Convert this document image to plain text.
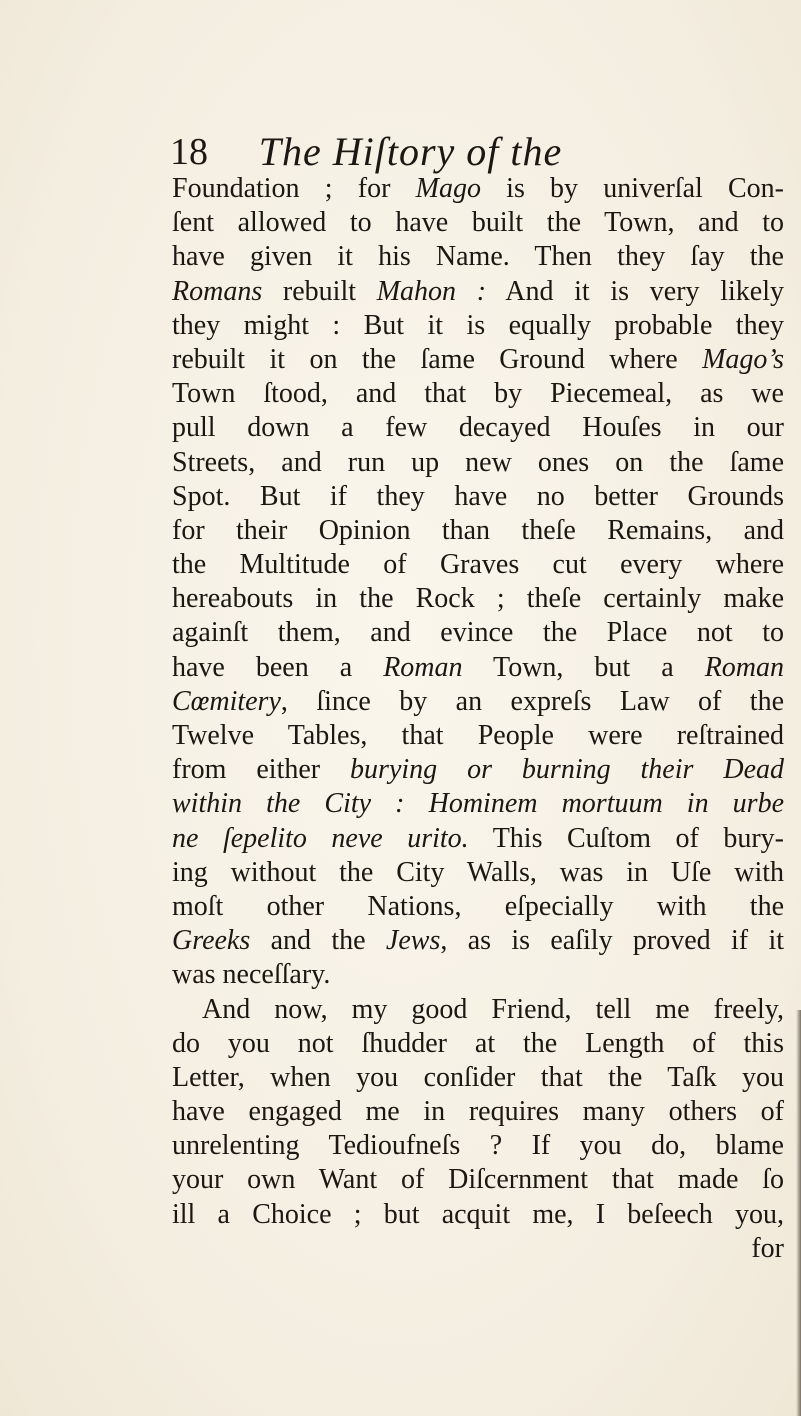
18	The Hiſtory of the
Foundation ; for Mago is by univerſal Con-
ſent allowed to have built the Town, and to
have given it his Name. Then they ſay the
Romans rebuilt Mahon : And it is very likely
they might : But it is equally probable they
rebuilt it on the ſame Ground where Mago’s
Town ſtood, and that by Piecemeal, as we
pull down a few decayed Houſes in our
Streets, and run up new ones on the ſame
Spot. But if they have no better Grounds
for their Opinion than theſe Remains, and
the Multitude of Graves cut every where
hereabouts in the Rock ; theſe certainly make
againſt them, and evince the Place not to
have been a Roman Town, but a Roman
Cœmitery, ſince by an expreſs Law of the
Twelve Tables, that People were reſtrained
from either burying or burning their Dead
within the City : Hominem mortuum in urbe
ne ſepelito neve urito. This Cuſtom of bury-
ing without the City Walls, was in Uſe with
moſt other Nations, eſpecially with the
Greeks and the Jews, as is eaſily proved if it
was neceſſary.
And now, my good Friend, tell me freely,
do you not ſhudder at the Length of this
Letter, when you conſider that the Taſk you
have engaged me in requires many others of
unrelenting Tedioufneſs ? If you do, blame
your own Want of Diſcernment that made ſo
ill a Choice ; but acquit me, I beſeech you,
for
